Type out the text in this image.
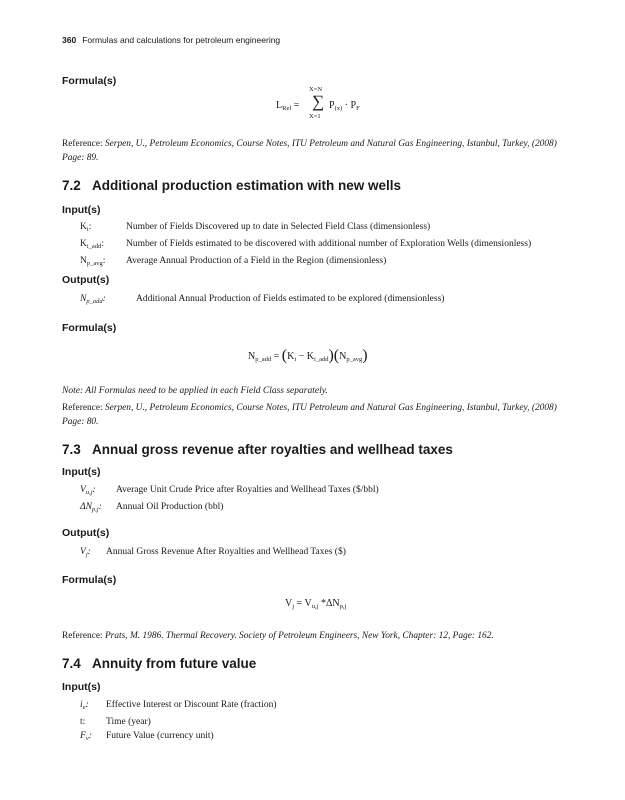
360 Formulas and calculations for petroleum engineering
Formula(s)
$L_{Rel}$ =
X=N
∑
X=1
$P_{(x)} \cdot P_F$
Reference: Serpen, U., Petroleum Economics, Course Notes, ITU Petroleum and Natural Gas Engineering, Istanbul, Turkey, (2008) Page: 89.
7.2 Additional production estimation with new wells
Input(s)
$K_i$:	Number of Fields Discovered up to date in Selected Field Class (dimensionless)
$K_{i\_add}$: Number of Fields estimated to be discovered with additional number of Exploration Wells (dimensionless)
$N_{p\_avg}$: Average Annual Production of a Field in the Region (dimensionless)
Output(s)
$N_{p\_add}$:	Additional Annual Production of Fields estimated to be explored (dimensionless)
Formula(s)
$N_{p\_add} = (K_i - K_{i\_add})(N_{p\_avg})$
Note: All Formulas need to be applied in each Field Class separately.
Reference: Serpen, U., Petroleum Economics, Course Notes, ITU Petroleum and Natural Gas Engineering, Istanbul, Turkey, (2008) Page: 80.
7.3 Annual gross revenue after royalties and wellhead taxes
Input(s)
$V_{u,j}$: Average Unit Crude Price after Royalties and Wellhead Taxes ($/bbl)
$\Delta N_{p,j}$: Annual Oil Production (bbl)
Output(s)
$V_j$: Annual Gross Revenue After Royalties and Wellhead Taxes ($)
Formula(s)
$V_j = V_{u,j}$ $*\Delta N_{p,j}$
Reference: Prats, M. 1986. Thermal Recovery. Society of Petroleum Engineers, New York, Chapter: 12, Page: 162.
7.4 Annuity from future value
Input(s)
$i_e$: Effective Interest or Discount Rate (fraction)
t: Time (year)
$F_v$: Future Value (currency unit)
